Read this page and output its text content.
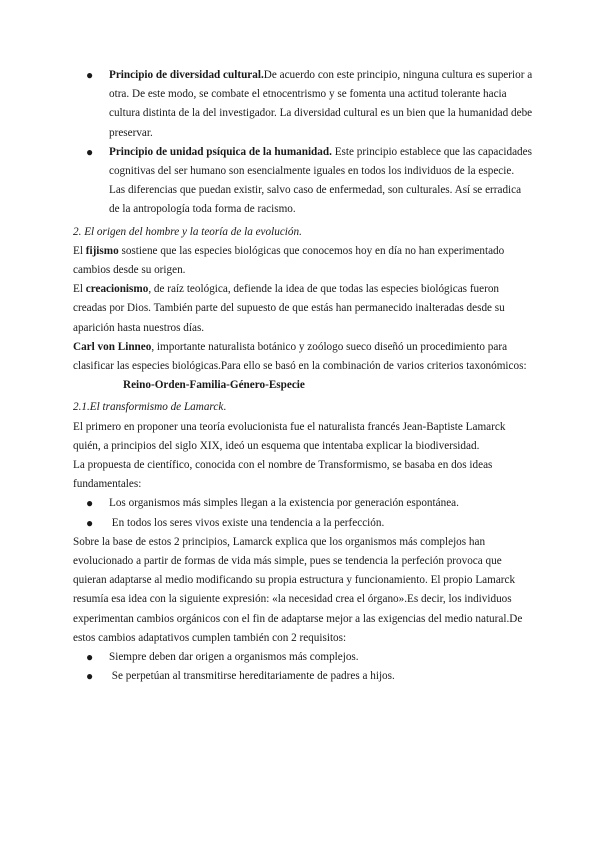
● Principio de diversidad cultural.De acuerdo con este principio, ninguna cultura es superior a otra. De este modo, se combate el etnocentrismo y se fomenta una actitud tolerante hacia cultura distinta de la del investigador. La diversidad cultural es un bien que la humanidad debe preservar.
● Principio de unidad psíquica de la humanidad. Este principio establece que las capacidades cognitivas del ser humano son esencialmente iguales en todos los individuos de la especie. Las diferencias que puedan existir, salvo caso de enfermedad, son culturales. Así se erradica de la antropología toda forma de racismo.

2. El origen del hombre y la teoría de la evolución.

El fijismo sostiene que las especies biológicas que conocemos hoy en día no han experimentado cambios desde su origen.

El creacionismo, de raíz teológica, defiende la idea de que todas las especies biológicas fueron creadas por Dios. También parte del supuesto de que estás han permanecido inalteradas desde su aparición hasta nuestros días.

Carl von Linneo, importante naturalista botánico y zoólogo sueco diseñó un procedimiento para clasificar las especies biológicas.Para ello se basó en la combinación de varios criterios taxonómicos:Reino-Orden-Familia-Género-Especie

2.1.El transformismo de Lamarck.

El primero en proponer una teoría evolucionista fue el naturalista francés Jean-Baptiste Lamarck quién, a principios del siglo XIX, ideó un esquema que intentaba explicar la biodiversidad.

La propuesta de científico, conocida con el nombre de Transformismo, se basaba en dos ideas fundamentales:

● Los organismos más simples llegan a la existencia por generación espontánea.
● En todos los seres vivos existe una tendencia a la perfección.

Sobre la base de estos 2 principios, Lamarck explica que los organismos más complejos han evolucionado a partir de formas de vida más simple, pues se tendencia la perfeción provoca que quieran adaptarse al medio modificando su propia estructura y funcionamiento. El propio Lamarck resumía esa idea con la siguiente expresión: «la necesidad crea el órgano».Es decir, los individuos experimentan cambios orgánicos con el fin de adaptarse mejor a las exigencias del medio natural.De estos cambios adaptativos cumplen también con 2 requisitos:

● Siempre deben dar origen a organismos más complejos.
● Se perpetúan al transmitirse hereditariamente de padres a hijos.
